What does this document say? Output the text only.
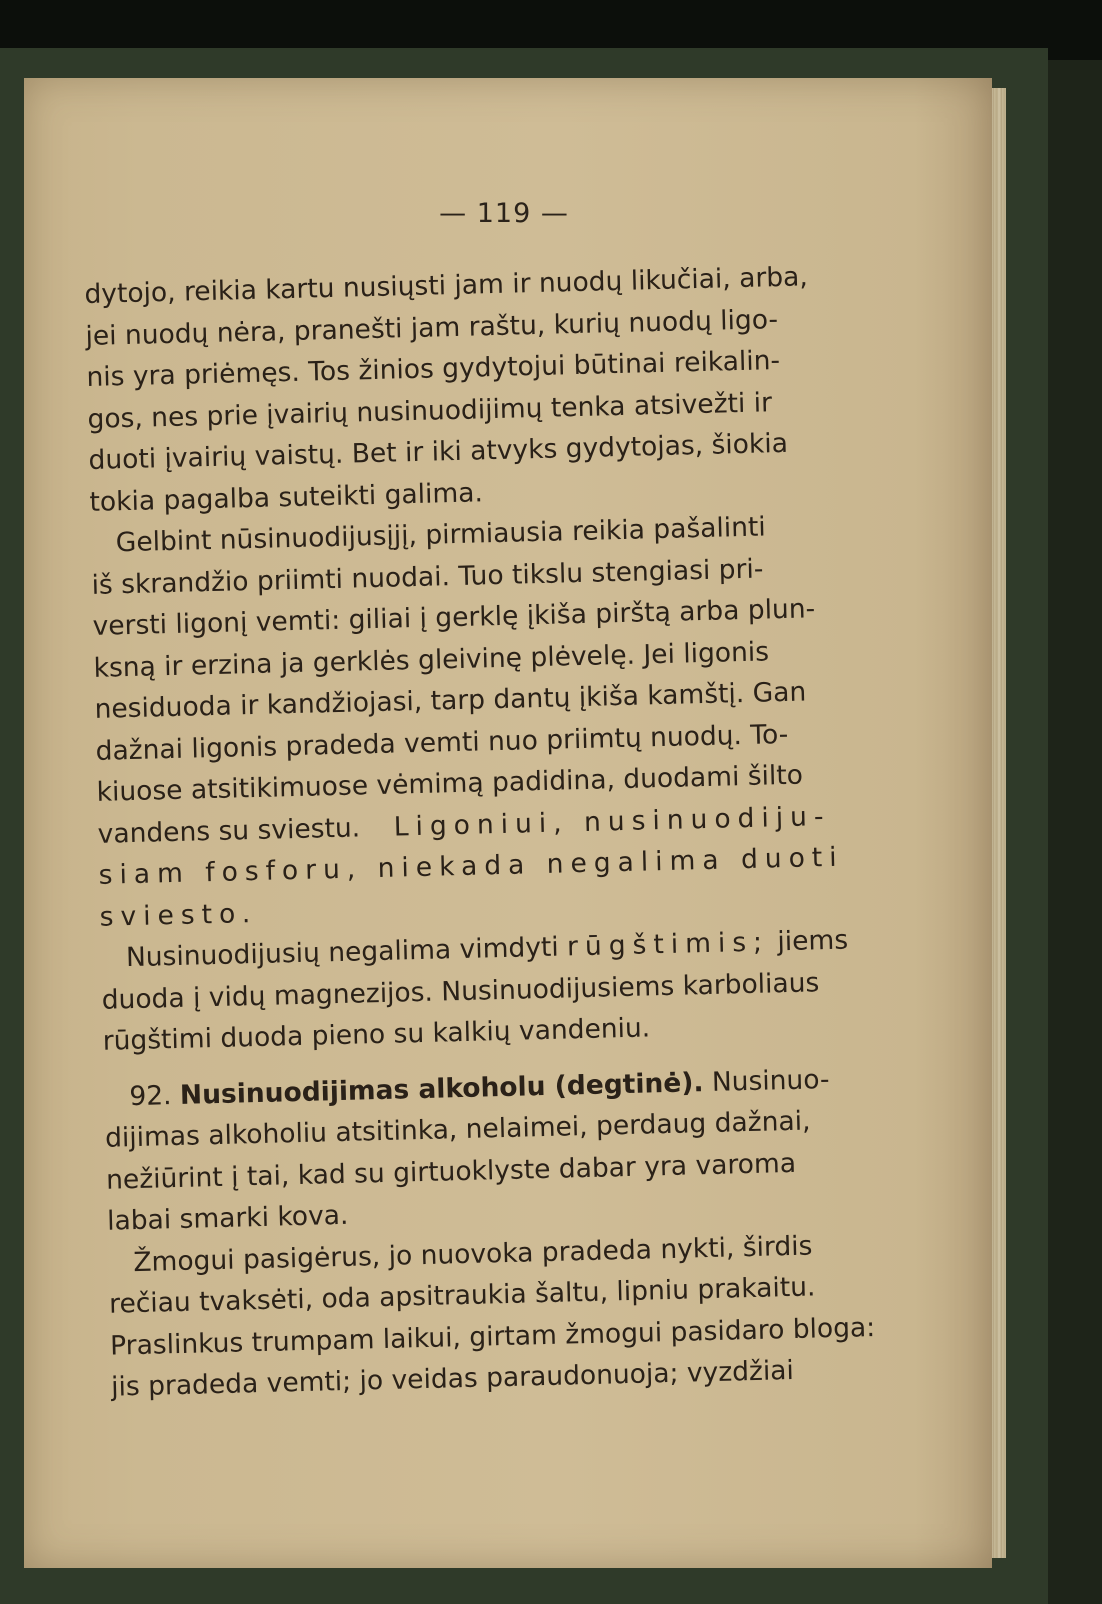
— 119 —
dytojo, reikia kartu nusiųsti jam ir nuodų likučiai, arba,
jei nuodų nėra, pranešti jam raštu, kurių nuodų ligo-
nis yra priėmęs. Tos žinios gydytojui būtinai reikalin-
gos, nes prie įvairių nusinuodijimų tenka atsivežti ir
duoti įvairių vaistų. Bet ir iki atvyks gydytojas, šiokia
tokia pagalba suteikti galima.
Gelbint nūsinuodijusįjį, pirmiausia reikia pašalinti
iš skrandžio priimti nuodai. Tuo tikslu stengiasi pri-
versti ligonį vemti: giliai į gerklę įkiša pirštą arba plun-
ksną ir erzina ja gerklės gleivinę plėvelę. Jei ligonis
nesiduoda ir kandžiojasi, tarp dantų įkiša kamštį. Gan
dažnai ligonis pradeda vemti nuo priimtų nuodų. To-
kiuose atsitikimuose vėmimą padidina, duodami šilto
vandens su sviestu. Ligoniui, nusinuodiju-
siam fosforu, niekada negalima duoti
sviesto.
Nusinuodijusių negalima vimdyti rūgštimis; jiems
duoda į vidų magnezijos. Nusinuodijusiems karboliaus
rūgštimi duoda pieno su kalkių vandeniu.
92. Nusinuodijimas alkoholu (degtinė). Nusinuo-
dijimas alkoholiu atsitinka, nelaimei, perdaug dažnai,
nežiūrint į tai, kad su girtuoklyste dabar yra varoma
labai smarki kova.
Žmogui pasigėrus, jo nuovoka pradeda nykti, širdis
rečiau tvaksėti, oda apsitraukia šaltu, lipniu prakaitu.
Praslinkus trumpam laikui, girtam žmogui pasidaro bloga:
jis pradeda vemti; jo veidas paraudonuoja; vyzdžiai
